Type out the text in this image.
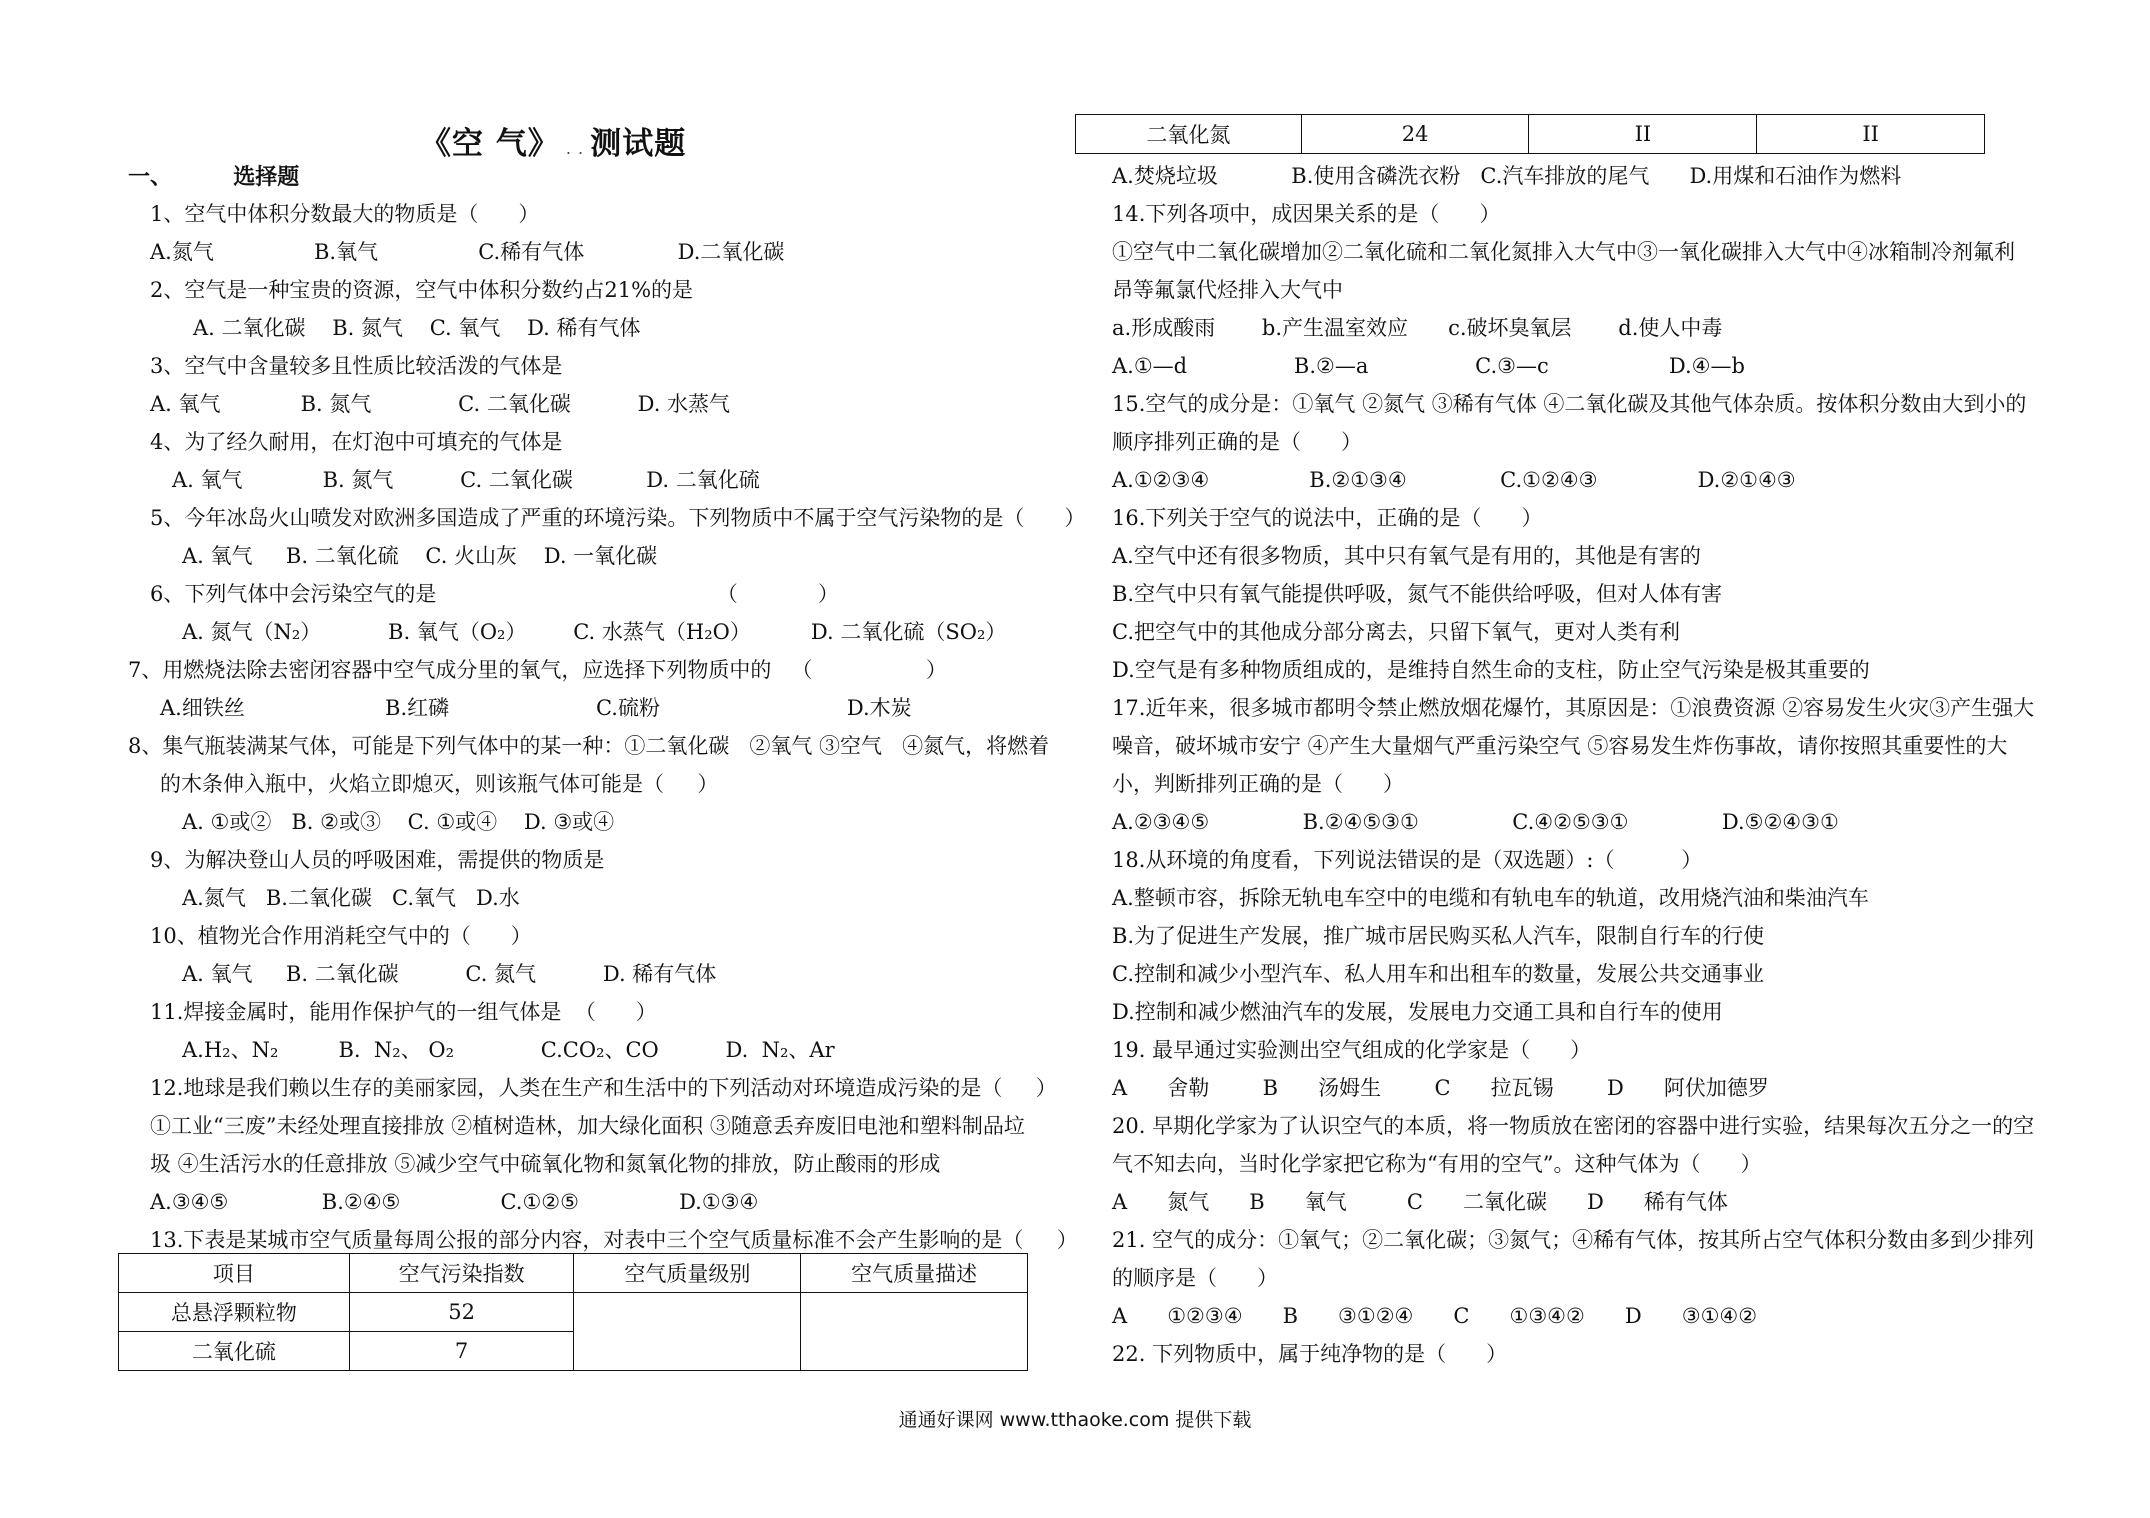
《空 气》 . . 测试题
一、	选择题
1、空气中体积分数最大的物质是（      ）
A.氮气               B.氧气               C.稀有气体              D.二氧化碳
2、空气是一种宝贵的资源，空气中体积分数约占21%的是
A. 二氧化碳    B. 氮气    C. 氧气    D. 稀有气体
3、空气中含量较多且性质比较活泼的气体是
A. 氧气            B. 氮气             C. 二氧化碳          D. 水蒸气
4、为了经久耐用，在灯泡中可填充的气体是
A. 氧气            B. 氮气          C. 二氧化碳           D. 二氧化硫
5、今年冰岛火山喷发对欧洲多国造成了严重的环境污染。下列物质中不属于空气污染物的是（      ）
A. 氧气     B. 二氧化硫    C. 火山灰    D. 一氧化碳
6、下列气体中会污染空气的是                                          （            ）
A. 氮气（N₂）          B. 氧气（O₂）       C. 水蒸气（H₂O）         D. 二氧化硫（SO₂）
7、用燃烧法除去密闭容器中空气成分里的氧气，应选择下列物质中的   （                 ）
A.细铁丝                     B.红磷                      C.硫粉                            D.木炭
8、集气瓶装满某气体，可能是下列气体中的某一种：①二氧化碳   ②氧气 ③空气   ④氮气，将燃着
的木条伸入瓶中，火焰立即熄灭，则该瓶气体可能是（     ）
A. ①或②   B. ②或③    C. ①或④    D. ③或④
9、为解决登山人员的呼吸困难，需提供的物质是
A.氮气   B.二氧化碳   C.氧气   D.水
10、植物光合作用消耗空气中的（      ）
A. 氧气     B. 二氧化碳          C. 氮气          D. 稀有气体
11.焊接金属时，能用作保护气的一组气体是  （      ）
A.H₂、N₂         B.  N₂、 O₂             C.CO₂、CO          D.  N₂、Ar
12.地球是我们赖以生存的美丽家园，人类在生产和生活中的下列活动对环境造成污染的是（     ）
①工业“三废”未经处理直接排放 ②植树造林，加大绿化面积 ③随意丢弃废旧电池和塑料制品垃
圾 ④生活污水的任意排放 ⑤减少空气中硫氧化物和氮氧化物的排放，防止酸雨的形成
A.③④⑤              B.②④⑤               C.①②⑤               D.①③④
13.下表是某城市空气质量每周公报的部分内容，对表中三个空气质量标准不会产生影响的是（     ）
项目	空气污染指数	空气质量级别	空气质量描述
总悬浮颗粒物	52		
二氧化硫	7		
二氧化氮	24	II	II
A.焚烧垃圾           B.使用含磷洗衣粉   C.汽车排放的尾气      D.用煤和石油作为燃料
14.下列各项中，成因果关系的是（      ）
①空气中二氧化碳增加②二氧化硫和二氧化氮排入大气中③一氧化碳排入大气中④冰箱制冷剂氟利
昂等氟氯代烃排入大气中
a.形成酸雨       b.产生温室效应      c.破坏臭氧层       d.使人中毒
A.①—d                B.②—a                C.③—c                  D.④—b
15.空气的成分是：①氧气 ②氮气 ③稀有气体 ④二氧化碳及其他气体杂质。按体积分数由大到小的
顺序排列正确的是（      ）
A.①②③④               B.②①③④              C.①②④③               D.②①④③
16.下列关于空气的说法中，正确的是（      ）
A.空气中还有很多物质，其中只有氧气是有用的，其他是有害的
B.空气中只有氧气能提供呼吸，氮气不能供给呼吸，但对人体有害
C.把空气中的其他成分部分离去，只留下氧气，更对人类有利
D.空气是有多种物质组成的，是维持自然生命的支柱，防止空气污染是极其重要的
17.近年来，很多城市都明令禁止燃放烟花爆竹，其原因是：①浪费资源 ②容易发生火灾③产生强大
噪音，破坏城市安宁 ④产生大量烟气严重污染空气 ⑤容易发生炸伤事故，请你按照其重要性的大
小，判断排列正确的是（      ）
A.②③④⑤              B.②④⑤③①              C.④②⑤③①              D.⑤②④③①
18.从环境的角度看，下列说法错误的是（双选题）:（          ）
A.整顿市容，拆除无轨电车空中的电缆和有轨电车的轨道，改用烧汽油和柴油汽车
B.为了促进生产发展，推广城市居民购买私人汽车，限制自行车的行使
C.控制和减少小型汽车、私人用车和出租车的数量，发展公共交通事业
D.控制和减少燃油汽车的发展，发展电力交通工具和自行车的使用
19. 最早通过实验测出空气组成的化学家是（      ）
A      舍勒        B      汤姆生        C      拉瓦锡        D      阿伏加德罗
20. 早期化学家为了认识空气的本质，将一物质放在密闭的容器中进行实验，结果每次五分之一的空
气不知去向，当时化学家把它称为“有用的空气”。这种气体为（      ）
A      氮气      B      氧气         C      二氧化碳      D      稀有气体
21. 空气的成分：①氧气；②二氧化碳；③氮气；④稀有气体，按其所占空气体积分数由多到少排列
的顺序是（      ）
A      ①②③④      B      ③①②④      C      ①③④②      D      ③①④②
22. 下列物质中，属于纯净物的是（      ）
通通好课网 www.tthaoke.com 提供下载
